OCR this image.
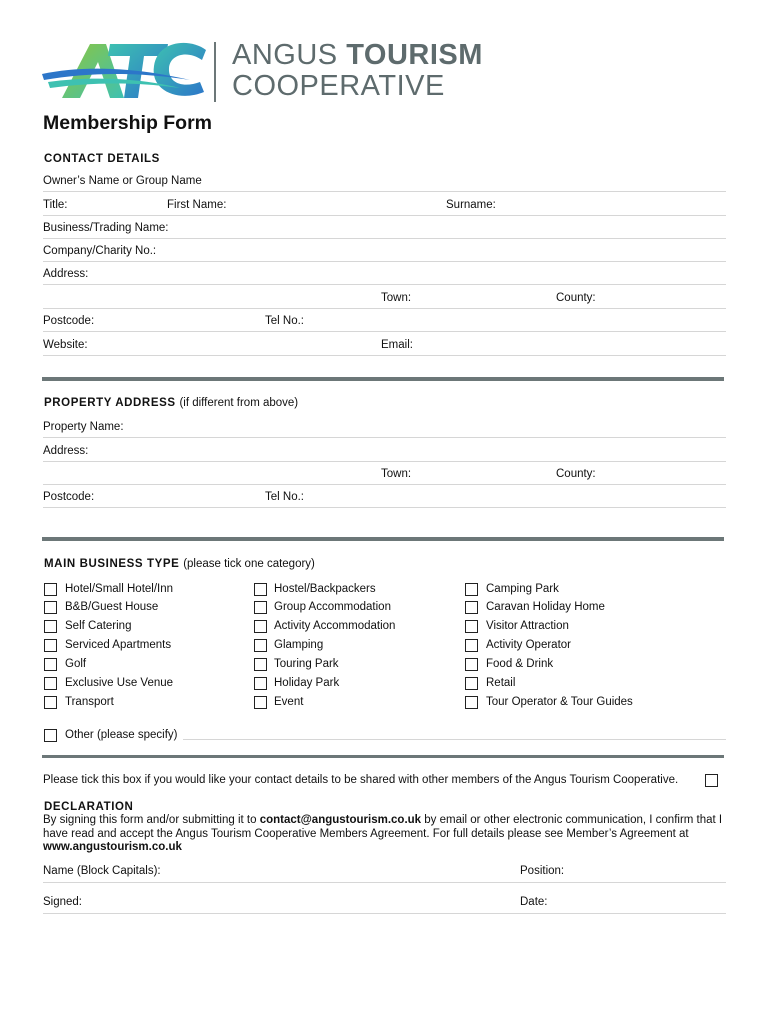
ANGUS TOURISM
COOPERATIVE
Membership Form
CONTACT DETAILS
Owner’s Name or Group Name
Title:	First Name:	Surname:
Business/Trading Name:
Company/Charity No.:
Address:
Town:	County:
Postcode:	Tel No.:
Website:	Email:
PROPERTY ADDRESS (if different from above)
Property Name:
Address:
Town:	County:
Postcode:	Tel No.:
MAIN BUSINESS TYPE (please tick one category)
Hotel/Small Hotel/Inn
B&B/Guest House
Self Catering
Serviced Apartments
Golf
Exclusive Use Venue
Transport
Hostel/Backpackers
Group Accommodation
Activity Accommodation
Glamping
Touring Park
Holiday Park
Event
Camping Park
Caravan Holiday Home
Visitor Attraction
Activity Operator
Food & Drink
Retail
Tour Operator & Tour Guides
Other (please specify)
Please tick this box if you would like your contact details to be shared with other members of the Angus Tourism Cooperative.
DECLARATION
By signing this form and/or submitting it to contact@angustourism.co.uk by email or other electronic communication, I confirm that I have read and accept the Angus Tourism Cooperative Members Agreement. For full details please see Member’s Agreement at www.angustourism.co.uk
Name (Block Capitals):	Position:
Signed:	Date:
